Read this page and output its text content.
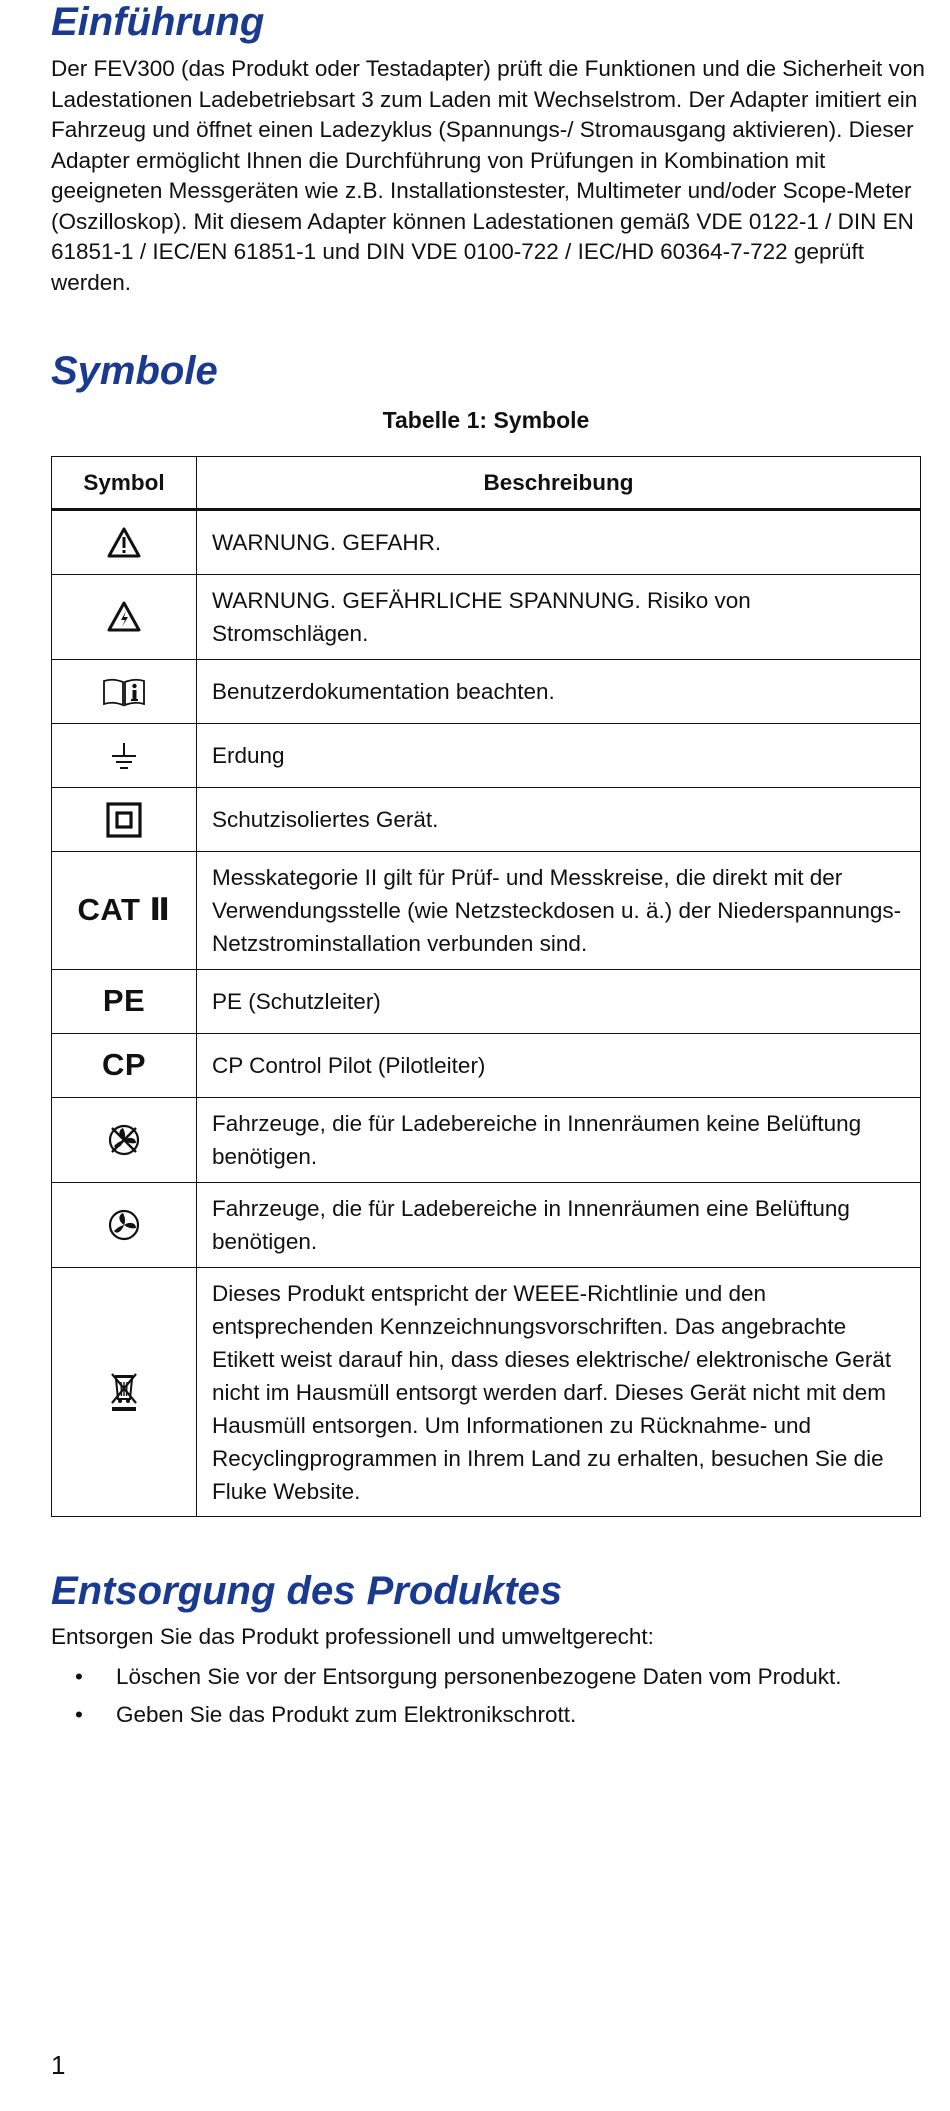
Einführung

Der FEV300 (das Produkt oder Testadapter) prüft die Funktionen und die Sicherheit von Ladestationen Ladebetriebsart 3 zum Laden mit Wechselstrom. Der Adapter imitiert ein Fahrzeug und öffnet einen Ladezyklus (Spannungs-/ Stromausgang aktivieren). Dieser Adapter ermöglicht Ihnen die Durchführung von Prüfungen in Kombination mit geeigneten Messgeräten wie z.B. Installationstester, Multimeter und/oder Scope-Meter (Oszilloskop). Mit diesem Adapter können Ladestationen gemäß VDE 0122-1 / DIN EN 61851-1 / IEC/EN 61851-1 und DIN VDE 0100-722 / IEC/HD 60364-7-722 geprüft werden.

Symbole

Tabelle 1: Symbole

Symbol	Beschreibung

	WARNUNG. GEFAHR.

	WARNUNG. GEFÄHRLICHE SPANNUNG. Risiko von Stromschlägen.

	Benutzerdokumentation beachten.

	Erdung

	Schutzisoliertes Gerät.
CAT Ⅱ	Messkategorie II gilt für Prüf- und Messkreise, die direkt mit der Verwendungsstelle (wie Netzsteckdosen u. ä.) der Niederspannungs-Netzstrominstallation verbunden sind.
PE	PE (Schutzleiter)
CP	CP Control Pilot (Pilotleiter)

	Fahrzeuge, die für Ladebereiche in Innenräumen keine Belüftung benötigen.

	Fahrzeuge, die für Ladebereiche in Innenräumen eine Belüftung benötigen.

	Dieses Produkt entspricht der WEEE-Richtlinie und den entsprechenden Kennzeichnungsvorschriften. Das angebrachte Etikett weist darauf hin, dass dieses elektrische/ elektronische Gerät nicht im Hausmüll entsorgt werden darf. Dieses Gerät nicht mit dem Hausmüll entsorgen. Um Informationen zu Rücknahme- und Recyclingprogrammen in Ihrem Land zu erhalten, besuchen Sie die Fluke Website.
Entsorgung des Produktes

Entsorgen Sie das Produkt professionell und umweltgerecht:

• Löschen Sie vor der Entsorgung personenbezogene Daten vom Produkt.
• Geben Sie das Produkt zum Elektronikschrott.
1
